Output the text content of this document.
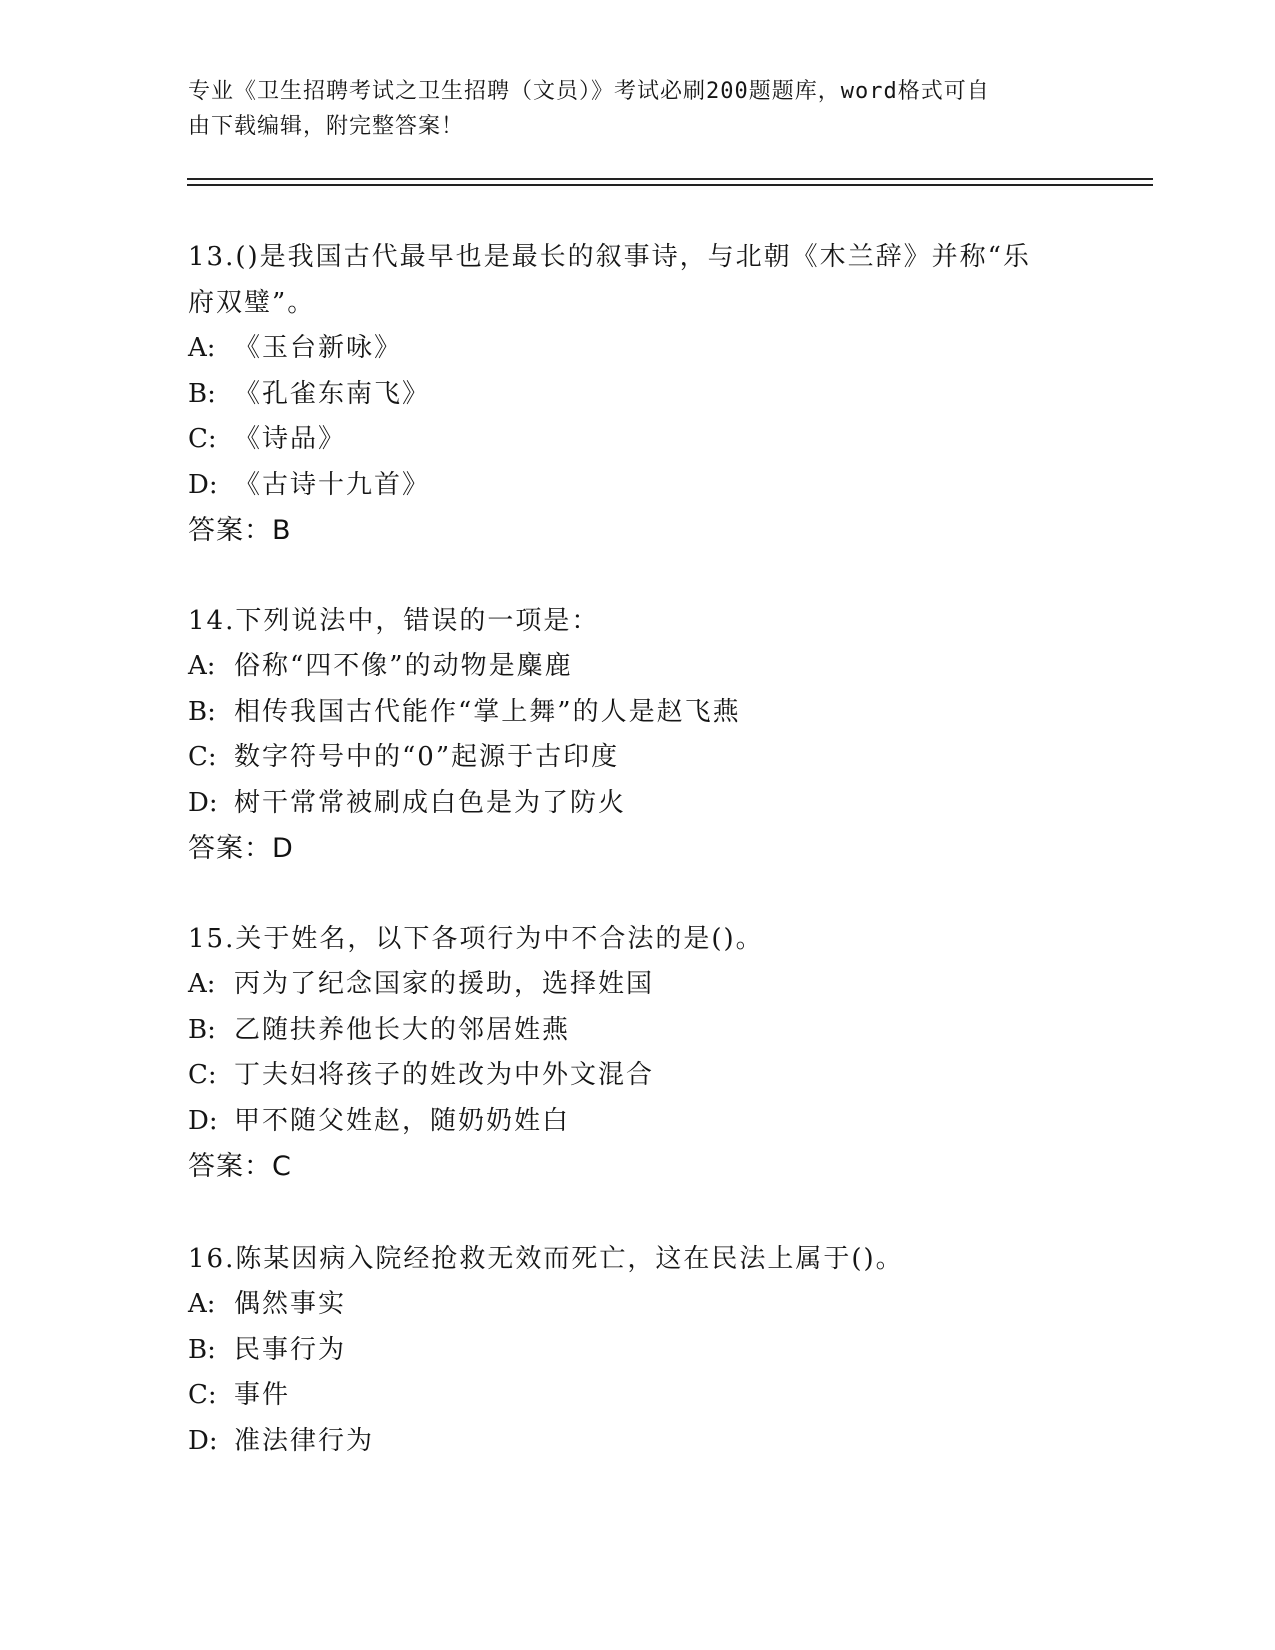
专业《卫生招聘考试之卫生招聘（文员）》考试必刷200题题库，word格式可自
由下载编辑，附完整答案！
13.()是我国古代最早也是最长的叙事诗，与北朝《木兰辞》并称“乐
府双璧”。
A: 《玉台新咏》
B: 《孔雀东南飞》
C: 《诗品》
D: 《古诗十九首》
答案：B
14.下列说法中，错误的一项是：
A: 俗称“四不像”的动物是麋鹿
B: 相传我国古代能作“掌上舞”的人是赵飞燕
C: 数字符号中的“0”起源于古印度
D: 树干常常被刷成白色是为了防火
答案：D
15.关于姓名，以下各项行为中不合法的是()。
A: 丙为了纪念国家的援助，选择姓国
B: 乙随扶养他长大的邻居姓燕
C: 丁夫妇将孩子的姓改为中外文混合
D: 甲不随父姓赵，随奶奶姓白
答案：C
16.陈某因病入院经抢救无效而死亡，这在民法上属于()。
A: 偶然事实
B: 民事行为
C: 事件
D: 准法律行为
